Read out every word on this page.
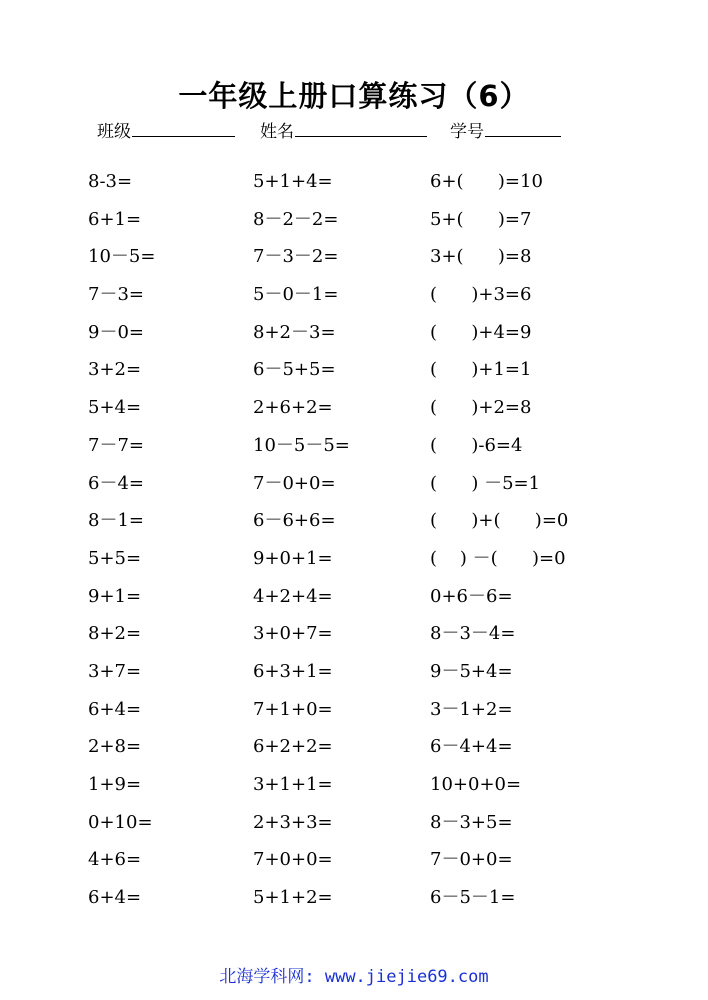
一年级上册口算练习（6）
班级	姓名	学号
8-3=
6+1=
10－5=
7－3=
9－0=
3+2=
5+4=
7－7=
6－4=
8－1=
5+5=
9+1=
8+2=
3+7=
6+4=
2+8=
1+9=
0+10=
4+6=
6+4=
5+1+4=
8－2－2=
7－3－2=
5－0－1=
8+2－3=
6－5+5=
2+6+2=
10－5－5=
7－0+0=
6－6+6=
9+0+1=
4+2+4=
3+0+7=
6+3+1=
7+1+0=
6+2+2=
3+1+1=
2+3+3=
7+0+0=
5+1+2=
6+(      )=10
5+(      )=7
3+(      )=8
(      )+3=6
(      )+4=9
(      )+1=1
(      )+2=8
(      )-6=4
(      ) －5=1
(      )+(      )=0
(    ) －(      )=0
0+6－6=
8－3－4=
9－5+4=
3－1+2=
6－4+4=
10+0+0=
8－3+5=
7－0+0=
6－5－1=
北海学科网: www.jiejie69.com
